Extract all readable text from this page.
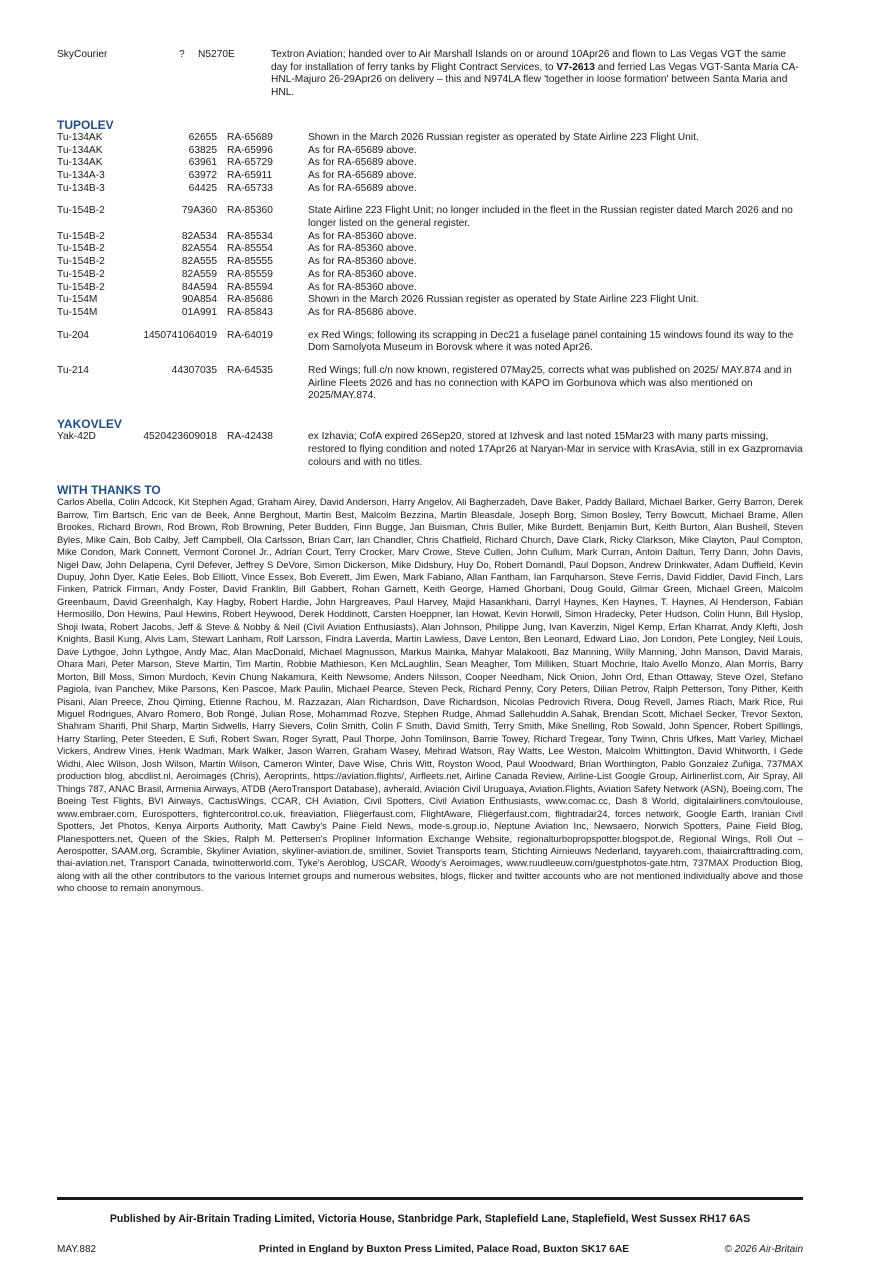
SkyCourier	? N5270E	Textron Aviation; handed over to Air Marshall Islands on or around 10Apr26 and flown to Las Vegas VGT the same day for installation of ferry tanks by Flight Contract Services, to V7-2613 and ferried Las Vegas VGT-Santa Maria CA-HNL-Majuro 26-29Apr26 on delivery – this and N974LA flew 'together in loose formation' between Santa Maria and HNL.
TUPOLEV
Tu-134AK	62655 RA-65689	Shown in the March 2026 Russian register as operated by State Airline 223 Flight Unit.
Tu-134AK	63825 RA-65996	As for RA-65689 above.
Tu-134AK	63961 RA-65729	As for RA-65689 above.
Tu-134A-3	63972 RA-65911	As for RA-65689 above.
Tu-134B-3	64425 RA-65733	As for RA-65689 above.
Tu-154B-2	79A360 RA-85360	State Airline 223 Flight Unit; no longer included in the fleet in the Russian register dated March 2026 and no longer listed on the general register.
Tu-154B-2	82A534 RA-85534	As for RA-85360 above.
Tu-154B-2	82A554 RA-85554	As for RA-85360 above.
Tu-154B-2	82A555 RA-85555	As for RA-85360 above.
Tu-154B-2	82A559 RA-85559	As for RA-85360 above.
Tu-154B-2	84A594 RA-85594	As for RA-85360 above.
Tu-154M	90A854 RA-85686	Shown in the March 2026 Russian register as operated by State Airline 223 Flight Unit.
Tu-154M	01A991 RA-85843	As for RA-85686 above.
Tu-204	1450741064019 RA-64019	ex Red Wings; following its scrapping in Dec21 a fuselage panel containing 15 windows found its way to the Dom Samolyota Museum in Borovsk where it was noted Apr26.
Tu-214	44307035 RA-64535	Red Wings; full c/n now known, registered 07May25, corrects what was published on 2025/ MAY.874 and in Airline Fleets 2026 and has no connection with KAPO im Gorbunova which was also mentioned on 2025/MAY.874.
YAKOVLEV
Yak-42D	4520423609018 RA-42438	ex Izhavia; CofA expired 26Sep20, stored at Izhvesk and last noted 15Mar23 with many parts missing, restored to flying condition and noted 17Apr26 at Naryan-Mar in service with KrasAvia, still in ex Gazpromavia colours and with no titles.
WITH THANKS TO

Carlos Abella, Colin Adcock, Kit Stephen Agad, Graham Airey, David Anderson, Harry Angelov, Ali Bagherzadeh, Dave Baker, Paddy Ballard, Michael Barker, Gerry Barron, Derek Barrow, Tim Bartsch, Eric van de Beek, Anne Berghout, Martin Best, Malcolm Bezzina, Martin Bleasdale, Joseph Borg, Simon Bosley, Terry Bowcutt, Michael Brame, Allen Brookes, Richard Brown, Rod Brown, Rob Browning, Peter Budden, Finn Bugge, Jan Buisman, Chris Buller, Mike Burdett, Benjamin Burt, Keith Burton, Alan Bushell, Steven Byles, Mike Cain, Bob Calby, Jeff Campbell, Ola Carlsson, Brian Carr, Ian Chandler, Chris Chatfield, Richard Church, Dave Clark, Ricky Clarkson, Mike Clayton, Paul Compton, Mike Condon, Mark Connett, Vermont Coronel Jr., Adrian Court, Terry Crocker, Marv Crowe, Steve Cullen, John Cullum, Mark Curran, Antoin Daltun, Terry Dann, John Davis, Nigel Daw, John Delapena, Cyril Defever, Jeffrey S DeVore, Simon Dickerson, Mike Didsbury, Huy Do, Robert Domandl, Paul Dopson, Andrew Drinkwater, Adam Duffield, Kevin Dupuy, John Dyer, Katie Eeles, Bob Elliott, Vince Essex, Bob Everett, Jim Ewen, Mark Fabiano, Allan Fantham, Ian Farquharson, Steve Ferris, David Fiddler, David Finch, Lars Finken, Patrick Firman, Andy Foster, David Franklin, Bill Gabbert, Rohan Garnett, Keith George, Hamed Ghorbani, Doug Gould, Gilmar Green, Michael Green, Malcolm Greenbaum, David Greenhalgh, Kay Hagby, Robert Hardie, John Hargreaves, Paul Harvey, Majid Hasankhani, Darryl Haynes, Ken Haynes, T. Haynes, Al Henderson, Fabián Hermosillo, Don Hewins, Paul Hewins, Robert Heywood, Derek Hoddinott, Carsten Hoeppner, Ian Howat, Kevin Horwill, Simon Hradecky, Peter Hudson, Colin Hunn, Bill Hyslop, Shoji Iwata, Robert Jacobs, Jeff & Steve & Nobby & Neil (Civil Aviation Enthusiasts), Alan Johnson, Philippe Jung, Ivan Kaverzin, Nigel Kemp, Erfan Kharrat, Andy Klefti, Josh Knights, Basil Kung, Alvis Lam, Stewart Lanham, Rolf Larsson, Findra Laverda, Martin Lawless, Dave Lenton, Ben Leonard, Edward Liao, Jon London, Pete Longley, Neil Louis, Dave Lythgoe, John Lythgoe, Andy Mac, Alan MacDonald, Michael Magnusson, Markus Mainka, Mahyar Malakooti, Baz Manning, Willy Manning, John Manson, David Marais, Ohara Mari, Peter Marson, Steve Martin, Tim Martin, Robbie Mathieson, Ken McLaughlin, Sean Meagher, Tom Milliken, Stuart Mochrie, Italo Avello Monzo, Alan Morris, Barry Morton, Bill Moss, Simon Murdoch, Kevin Chung Nakamura, Keith Newsome, Anders Nilsson, Cooper Needham, Nick Onion, John Ord, Ethan Ottaway, Steve Ozel, Stefano Pagiola, Ivan Panchev, Mike Parsons, Ken Pascoe, Mark Paulin, Michael Pearce, Steven Peck, Richard Penny, Cory Peters, Dilian Petrov, Ralph Petterson, Tony Pither, Keith Pisani, Alan Preece, Zhou Qiming, Etienne Rachou, M. Razzazan, Alan Richardson, Dave Richardson, Nicolas Pedrovich Rivera, Doug Revell, James Riach, Mark Rice, Rui Miguel Rodrigues, Alvaro Romero, Bob Rongé, Julian Rose, Mohammad Rozve, Stephen Rudge, Ahmad Sallehuddin A.Sahak, Brendan Scott, Michael Secker, Trevor Sexton, Shahram Sharifi, Phil Sharp, Martin Sidwells, Harry Sievers, Colin Smith, Colin F Smith, David Smith, Terry Smith, Mike Snelling, Rob Sowald, John Spencer, Robert Spillings, Harry Starling, Peter Steeden, E Sufi, Robert Swan, Roger Syratt, Paul Thorpe, John Tomlinson, Barrie Towey, Richard Tregear, Tony Twinn, Chris Ufkes, Matt Varley, Michael Vickers, Andrew Vines, Henk Wadman, Mark Walker, Jason Warren, Graham Wasey, Mehrad Watson, Ray Watts, Lee Weston, Malcolm Whittington, David Whitworth, I Gede Widhi, Alec Wilson, Josh Wilson, Martin Wilson, Cameron Winter, Dave Wise, Chris Witt, Royston Wood, Paul Woodward, Brian Worthington, Pablo Gonzalez Zuñiga, 737MAX production blog, abcdlist.nl, Aeroimages (Chris), Aeroprints, https://aviation.flights/, Airfleets.net, Airline Canada Review, Airline-List Google Group, Airlinerlist.com, Air Spray, All Things 787, ANAC Brasil, Armenia Airways, ATDB (AeroTransport Database), avherald, Aviación Civil Uruguaya, Aviation.Flights, Aviation Safety Network (ASN), Boeing.com, The Boeing Test Flights, BVI Airways, CactusWings, CCAR, CH Aviation, Civil Spotters, Civil Aviation Enthusiasts, www.comac.cc, Dash 8 World, digitalairliners.com/toulouse, www.embraer.com, Eurospotters, fightercontrol.co.uk, fireaviation, Fliègerfaust.com, FlightAware, Fliègerfaust.com, flightradar24, forces network, Google Earth, Iranian Civil Spotters, Jet Photos, Kenya Airports Authority, Matt Cawby's Paine Field News, mode-s.group.io, Neptune Aviation Inc, Newsaero, Norwich Spotters, Paine Field Blog, Planespotters.net, Queen of the Skies, Ralph M. Pettersen's Propliner Information Exchange Website, regionalturbopropspotter.blogspot.de, Regional Wings, Roll Out – Aerospotter, SAAM.org, Scramble, Skyliner Aviation, skyliner-aviation.de, smiliner, Soviet Transports team, Stichting Airnieuws Nederland, tayyareh.com, thaiaircrafttrading.com, thai-aviation.net, Transport Canada, twinotterworld.com, Tyke's Aeroblog, USCAR, Woody's Aeroimages, www.ruudleeuw.com/guestphotos-gate.htm, 737MAX Production Blog, along with all the other contributors to the various Internet groups and numerous websites, blogs, flicker and twitter accounts who are not mentioned individually above and those who choose to remain anonymous.

Published by Air-Britain Trading Limited, Victoria House, Stanbridge Park, Staplefield Lane, Staplefield, West Sussex RH17 6AS
Printed in England by Buxton Press Limited, Palace Road, Buxton SK17 6AE
MAY.882	© 2026 Air-Britain
